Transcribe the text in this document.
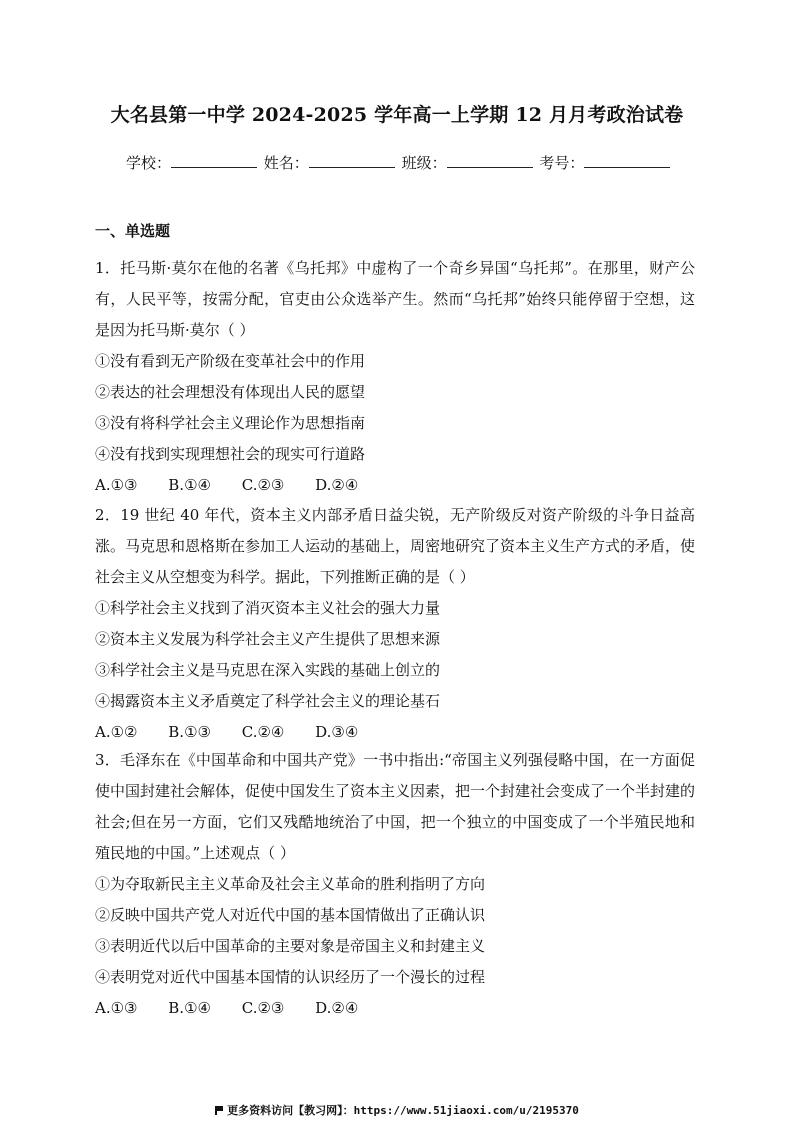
大名县第一中学 2024-2025 学年高一上学期 12 月月考政治试卷
学校：	姓名：	班级：	考号：
一、单选题
1．托马斯·莫尔在他的名著《乌托邦》中虚构了一个奇乡异国“乌托邦”。在那里，财产公有，人民平等，按需分配，官吏由公众选举产生。然而“乌托邦”始终只能停留于空想，这是因为托马斯·莫尔（ ）
①没有看到无产阶级在变革社会中的作用
②表达的社会理想没有体现出人民的愿望
③没有将科学社会主义理论作为思想指南
④没有找到实现理想社会的现实可行道路
A.①③ B.①④ C.②③ D.②④
2．19 世纪 40 年代，资本主义内部矛盾日益尖锐，无产阶级反对资产阶级的斗争日益高涨。马克思和恩格斯在参加工人运动的基础上，周密地研究了资本主义生产方式的矛盾，使社会主义从空想变为科学。据此，下列推断正确的是（ ）
①科学社会主义找到了消灭资本主义社会的强大力量
②资本主义发展为科学社会主义产生提供了思想来源
③科学社会主义是马克思在深入实践的基础上创立的
④揭露资本主义矛盾奠定了科学社会主义的理论基石
A.①② B.①③ C.②④ D.③④
3．毛泽东在《中国革命和中国共产党》一书中指出:“帝国主义列强侵略中国，在一方面促使中国封建社会解体，促使中国发生了资本主义因素，把一个封建社会变成了一个半封建的社会;但在另一方面，它们又残酷地统治了中国，把一个独立的中国变成了一个半殖民地和殖民地的中国。”上述观点（ ）
①为夺取新民主主义革命及社会主义革命的胜利指明了方向
②反映中国共产党人对近代中国的基本国情做出了正确认识
③表明近代以后中国革命的主要对象是帝国主义和封建主义
④表明党对近代中国基本国情的认识经历了一个漫长的过程
A.①③ B.①④ C.②③ D.②④
更多资料访问【教习网】：https://www.51jiaoxi.com/u/2195370
